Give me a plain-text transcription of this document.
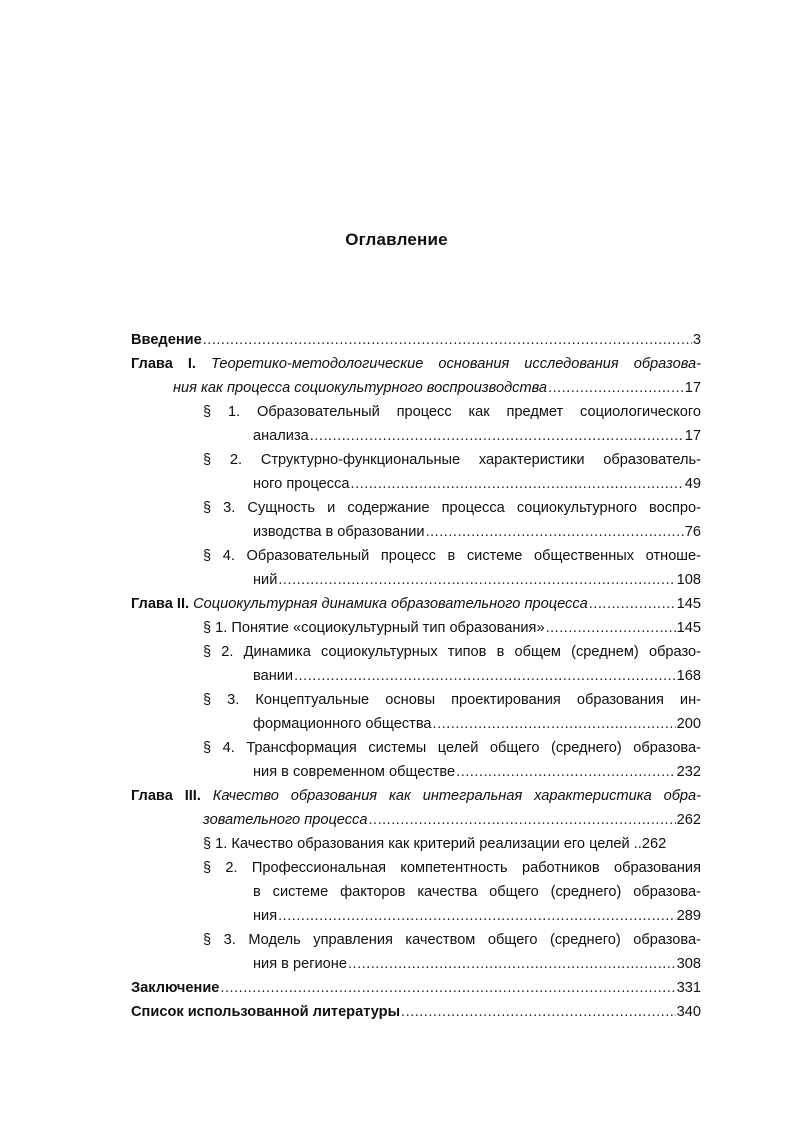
Оглавление
Введение .....	3
Глава I. Теоретико-методологические основания исследования образова-
ния как процесса социокультурного воспроизводства .....	17
§ 1. Образовательный процесс как предмет социологического
анализа .....	17
§ 2. Структурно-функциональные характеристики образователь-
ного процесса .....	49
§ 3. Сущность и содержание процесса социокультурного воспро-
изводства в образовании .....	76
§ 4. Образовательный процесс в системе общественных отноше-
ний .....	108
Глава II. Социокультурная динамика образовательного процесса .....	145
§ 1. Понятие «социокультурный тип образования» .....	145
§ 2. Динамика социокультурных типов в общем (среднем) образо-
вании .....	168
§ 3. Концептуальные основы проектирования образования ин-
формационного общества .....	200
§ 4. Трансформация системы целей общего (среднего) образова-
ния в современном обществе .....	232
Глава III. Качество образования как интегральная характеристика обра-
зовательного процесса .....	262
§ 1. Качество образования как критерий реализации его целей ..262
§ 2. Профессиональная компетентность работников образования
в системе факторов качества общего (среднего) образова-
ния .....	289
§ 3. Модель управления качеством общего (среднего) образова-
ния в регионе .....	308
Заключение .....	331
Список использованной литературы .....	340
